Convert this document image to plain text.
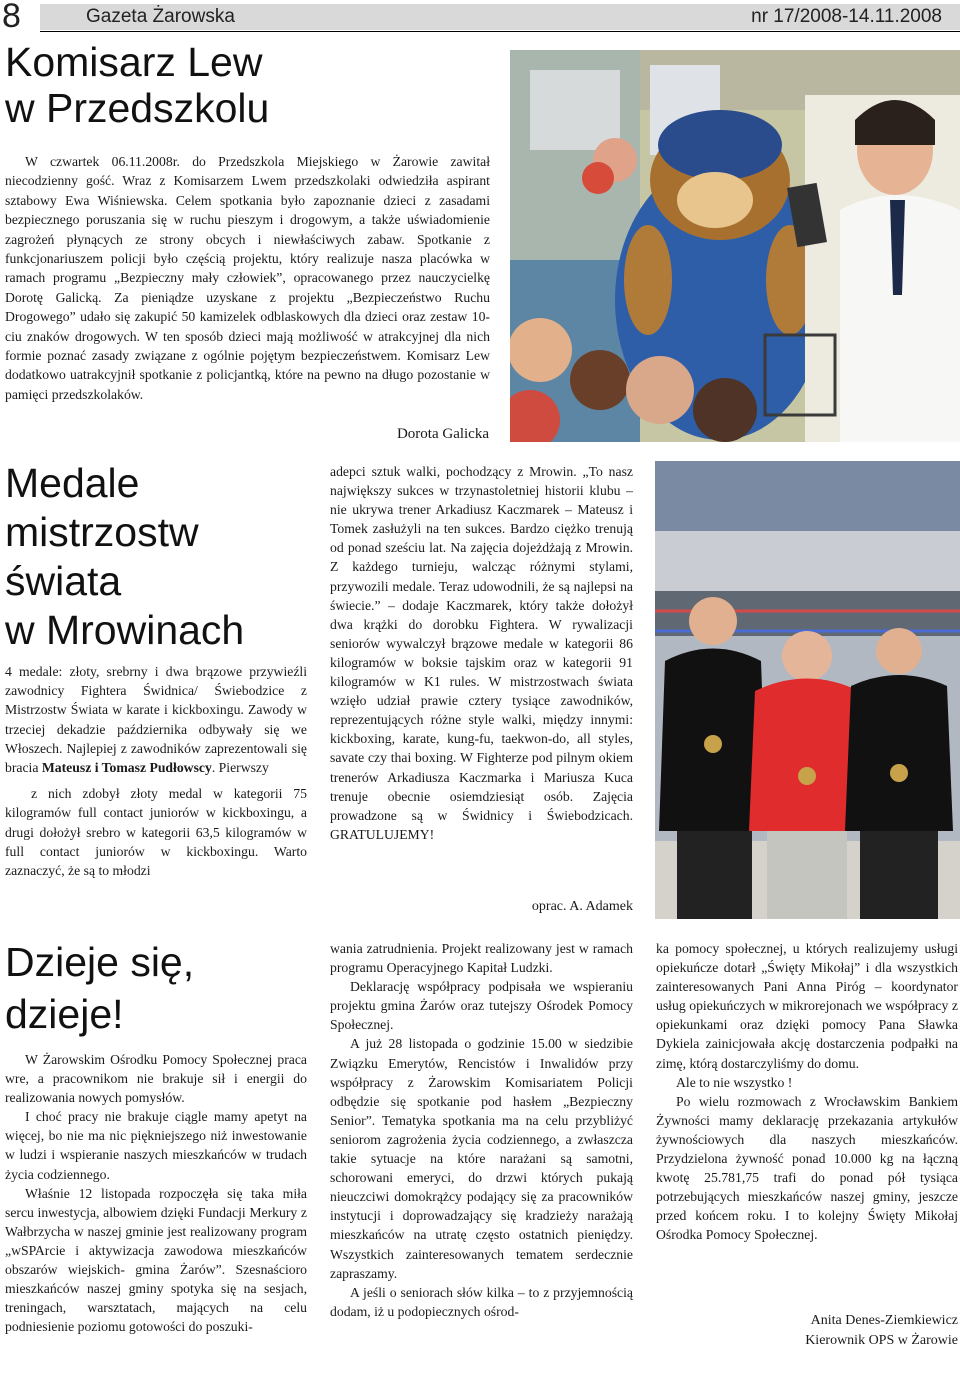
8	Gazeta Żarowska	nr 17/2008-14.11.2008
Komisarz Lew
w Przedszkolu

W czwartek 06.11.2008r. do Przedszkola Miejskiego w Żarowie zawitał niecodzienny gość. Wraz z Komisarzem Lwem przedszkolaki odwiedziła aspirant sztabowy Ewa Wiśniewska. Celem spotkania było zapoznanie dzieci z zasadami bezpiecznego poruszania się w ruchu pieszym i drogowym, a także uświadomienie zagrożeń płynących ze strony obcych i niewłaściwych zabaw. Spotkanie z funkcjonariuszem policji było częścią projektu, który realizuje nasza placówka w ramach programu „Bezpieczny mały człowiek”, opracowanego przez nauczycielkę Dorotę Galicką. Za pieniądze uzyskane z projektu „Bezpieczeństwo Ruchu Drogowego” udało się zakupić 50 kamizelek odblaskowych dla dzieci oraz zestaw 10-ciu znaków drogowych. W ten sposób dzieci mają możliwość w atrakcyjnej dla nich formie poznać zasady związane z ogólnie pojętym bezpieczeństwem. Komisarz Lew dodatkowo uatrakcyjnił spotkanie z policjantką, które na pewno na długo pozostanie w pamięci przedszkolaków.

Dorota Galicka
Medale
mistrzostw
świata
w Mrowinach

4 medale: złoty, srebrny i dwa brązowe przywieźli zawodnicy Fightera Świdnica/ Świebodzice z Mistrzostw Świata w karate i kickboxingu. Zawody w trzeciej dekadzie października odbywały się we Włoszech. Najlepiej z zawodników zaprezentowali się bracia Mateusz i Tomasz Pudłowscy. Pierwszy

z nich zdobył złoty medal w kategorii 75 kilogramów full contact juniorów w kickboxingu, a drugi dołożył srebro w kategorii 63,5 kilogramów w full contact juniorów w kickboxingu. Warto zaznaczyć, że są to młodzi

adepci sztuk walki, pochodzący z Mrowin. „To nasz największy sukces w trzynastoletniej historii klubu – nie ukrywa trener Arkadiusz Kaczmarek – Mateusz i Tomek zasłużyli na ten sukces. Bardzo ciężko trenują od ponad sześciu lat. Na zajęcia dojeżdżają z Mrowin. Z każdego turnieju, walcząc różnymi stylami, przywozili medale. Teraz udowodnili, że są najlepsi na świecie.” – dodaje Kaczmarek, który także dołożył dwa krążki do dorobku Fightera. W rywalizacji seniorów wywalczył brązowe medale w kategorii 86 kilogramów w boksie tajskim oraz w kategorii 91 kilogramów w K1 rules. W mistrzostwach świata wzięło udział prawie cztery tysiące zawodników, reprezentujących różne style walki, między innymi: kickboxing, karate, kung-fu, taekwon-do, all styles, savate czy thai boxing. W Fighterze pod pilnym okiem trenerów Arkadiusza Kaczmarka i Mariusza Kuca trenuje obecnie osiemdziesiąt osób. Zajęcia prowadzone są w Świdnicy i Świebodzicach. GRATULUJEMY!

oprac. A. Adamek
Dzieje się,
dzieje!

W Żarowskim Ośrodku Pomocy Społecznej praca wre, a pracownikom nie brakuje sił i energii do realizowania nowych pomysłów.

I choć pracy nie brakuje ciągle mamy apetyt na więcej, bo nie ma nic piękniejszego niż inwestowanie w ludzi i wspieranie naszych mieszkańców w trudach życia codziennego.

Właśnie 12 listopada rozpoczęła się taka miła sercu inwestycja, albowiem dzięki Fundacji Merkury z Wałbrzycha w naszej gminie jest realizowany program „wSPArcie i aktywizacja zawodowa mieszkańców obszarów wiejskich- gmina Żarów”. Szesnaścioro mieszkańców naszej gminy spotyka się na sesjach, treningach, warsztatach, mających na celu podniesienie poziomu gotowości do poszuki-

wania zatrudnienia. Projekt realizowany jest w ramach programu Operacyjnego Kapitał Ludzki.

Deklarację współpracy podpisała we wspieraniu projektu gmina Żarów oraz tutejszy Ośrodek Pomocy Społecznej.

A już 28 listopada o godzinie 15.00 w siedzibie Związku Emerytów, Rencistów i Inwalidów przy współpracy z Żarowskim Komisariatem Policji odbędzie się spotkanie pod hasłem „Bezpieczny Senior”. Tematyka spotkania ma na celu przybliżyć seniorom zagrożenia życia codziennego, a zwłaszcza takie sytuacje na które narażani są samotni, schorowani emeryci, do drzwi których pukają nieuczciwi domokrążcy podający się za pracowników instytucji i doprowadzający się kradzieży narażają mieszkańców na utratę często ostatnich pieniędzy. Wszystkich zainteresowanych tematem serdecznie zapraszamy.

A jeśli o seniorach słów kilka – to z przyjemnością dodam, iż u podopiecznych ośrod-

ka pomocy społecznej, u których realizujemy usługi opiekuńcze dotarł „Święty Mikołaj” i dla wszystkich zainteresowanych Pani Anna Piróg – koordynator usług opiekuńczych w mikrorejonach we współpracy z opiekunkami oraz dzięki pomocy Pana Sławka Dykiela zainicjowała akcję dostarczenia podpałki na zimę, którą dostarczyliśmy do domu.

Ale to nie wszystko !

Po wielu rozmowach z Wrocławskim Bankiem Żywności mamy deklarację przekazania artykułów żywnościowych dla naszych mieszkańców. Przydzielona żywność ponad 10.000 kg na łączną kwotę 25.781,75 trafi do ponad pół tysiąca potrzebujących mieszkańców naszej gminy, jeszcze przed końcem roku. I to kolejny Święty Mikołaj Ośrodka Pomocy Społecznej.

Anita Denes-Ziemkiewicz
Kierownik OPS w Żarowie
